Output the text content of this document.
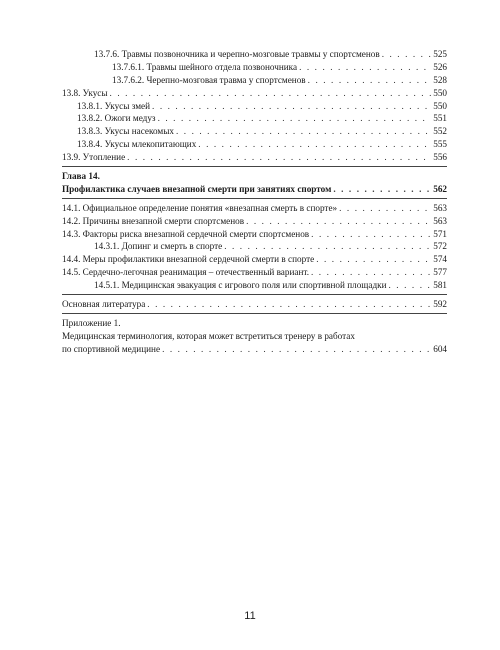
13.7.6. Травмы позвоночника и черепно-мозговые травмы у спортсменов . . .	525
13.7.6.1. Травмы шейного отдела позвоночника . . .	526
13.7.6.2. Черепно-мозговая травма у спортсменов . . .	528
13.8. Укусы . . .	550
13.8.1. Укусы змей . . .	550
13.8.2. Ожоги медуз . . .	551
13.8.3. Укусы насекомых . . .	552
13.8.4. Укусы млекопитающих . . .	555
13.9. Утопление . . .	556
Глава 14.
Профилактика случаев внезапной смерти при занятиях спортом . . .	562
14.1. Официальное определение понятия «внезапная смерть в спорте» . . .	563
14.2. Причины внезапной смерти спортсменов . . .	563
14.3. Факторы риска внезапной сердечной смерти спортсменов . . .	571
14.3.1. Допинг и смерть в спорте . . .	572
14.4. Меры профилактики внезапной сердечной смерти в спорте . . .	574
14.5. Сердечно-легочная реанимация – отечественный вариант. . . .	577
14.5.1. Медицинская эвакуация с игрового поля или спортивной площадки . . .	581
Основная литература . . .	592
Приложение 1.
Медицинская терминология, которая может встретиться тренеру в работах
по спортивной медицине . . .	604
11
